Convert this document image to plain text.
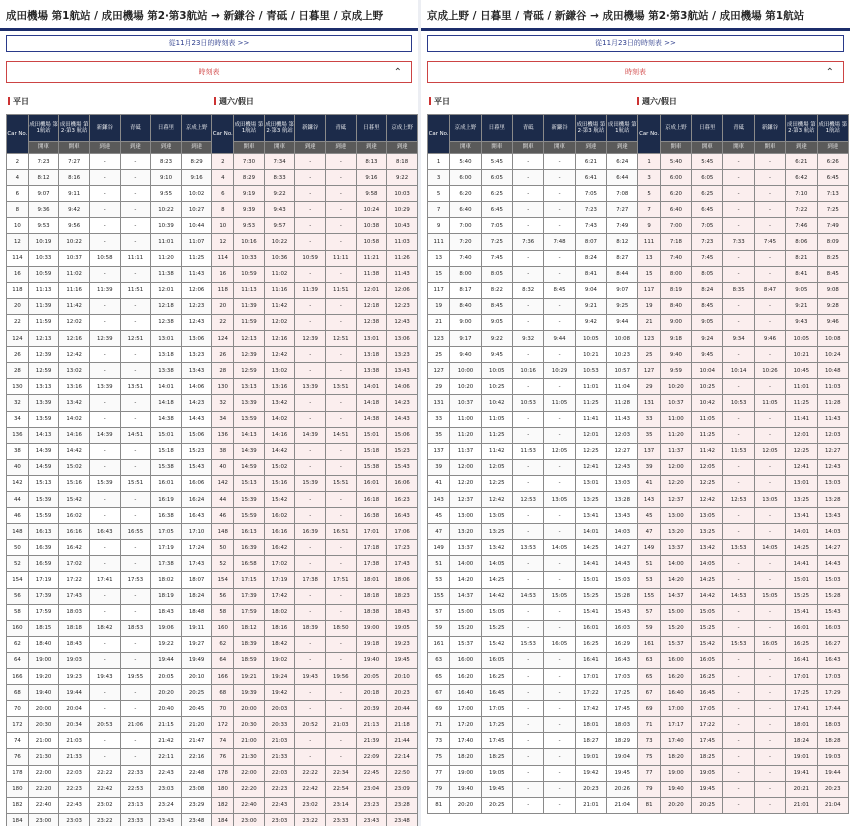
成田機場 第1航站 / 成田機場 第2‧第3航站 → 新鎌谷 / 青砥 / 日暮里 / 京成上野
從11月23日的時刻表 >>
時刻表	⌃
平日	週六/假日
Car No.	成田機場 第1航站	成田機場 第2‧第3 航站	新鎌谷	青砥	日暮里	京成上野	Car No.	成田機場 第1航站	成田機場 第2‧第3 航站	新鎌谷	青砥	日暮里	京成上野
	開車	開車	到達	到達	到達	到達		開車	開車	到達	到達	到達	到達
2	7:23	7:27	-	-	8:23	8:29	2	7:30	7:34	-	-	8:13	8:18
4	8:12	8:16	-	-	9:10	9:16	4	8:29	8:33	-	-	9:16	9:22
6	9:07	9:11	-	-	9:55	10:02	6	9:19	9:22	-	-	9:58	10:03
8	9:36	9:42	-	-	10:22	10:27	8	9:39	9:43	-	-	10:24	10:29
10	9:53	9:56	-	-	10:39	10:44	10	9:53	9:57	-	-	10:38	10:43
12	10:19	10:22	-	-	11:01	11:07	12	10:16	10:22	-	-	10:58	11:03
114	10:33	10:37	10:58	11:11	11:20	11:25	114	10:33	10:36	10:59	11:11	11:21	11:26
16	10:59	11:02	-	-	11:38	11:43	16	10:59	11:02	-	-	11:38	11:43
118	11:13	11:16	11:39	11:51	12:01	12:06	118	11:13	11:16	11:39	11:51	12:01	12:06
20	11:39	11:42	-	-	12:18	12:23	20	11:39	11:42	-	-	12:18	12:23
22	11:59	12:02	-	-	12:38	12:43	22	11:59	12:02	-	-	12:38	12:43
124	12:13	12:16	12:39	12:51	13:01	13:06	124	12:13	12:16	12:39	12:51	13:01	13:06
26	12:39	12:42	-	-	13:18	13:23	26	12:39	12:42	-	-	13:18	13:23
28	12:59	13:02	-	-	13:38	13:43	28	12:59	13:02	-	-	13:38	13:43
130	13:13	13:16	13:39	13:51	14:01	14:06	130	13:13	13:16	13:39	13:51	14:01	14:06
32	13:39	13:42	-	-	14:18	14:23	32	13:39	13:42	-	-	14:18	14:23
34	13:59	14:02	-	-	14:38	14:43	34	13:59	14:02	-	-	14:38	14:43
136	14:13	14:16	14:39	14:51	15:01	15:06	136	14:13	14:16	14:39	14:51	15:01	15:06
38	14:39	14:42	-	-	15:18	15:23	38	14:39	14:42	-	-	15:18	15:23
40	14:59	15:02	-	-	15:38	15:43	40	14:59	15:02	-	-	15:38	15:43
142	15:13	15:16	15:39	15:51	16:01	16:06	142	15:13	15:16	15:39	15:51	16:01	16:06
44	15:39	15:42	-	-	16:19	16:24	44	15:39	15:42	-	-	16:18	16:23
46	15:59	16:02	-	-	16:38	16:43	46	15:59	16:02	-	-	16:38	16:43
148	16:13	16:16	16:43	16:55	17:05	17:10	148	16:13	16:16	16:39	16:51	17:01	17:06
50	16:39	16:42	-	-	17:19	17:24	50	16:39	16:42	-	-	17:18	17:23
52	16:59	17:02	-	-	17:38	17:43	52	16:58	17:02	-	-	17:38	17:43
154	17:19	17:22	17:41	17:53	18:02	18:07	154	17:15	17:19	17:38	17:51	18:01	18:06
56	17:39	17:43	-	-	18:19	18:24	56	17:39	17:42	-	-	18:18	18:23
58	17:59	18:03	-	-	18:43	18:48	58	17:59	18:02	-	-	18:38	18:43
160	18:15	18:18	18:42	18:53	19:06	19:11	160	18:12	18:16	18:39	18:50	19:00	19:05
62	18:40	18:43	-	-	19:22	19:27	62	18:39	18:42	-	-	19:18	19:23
64	19:00	19:03	-	-	19:44	19:49	64	18:59	19:02	-	-	19:40	19:45
166	19:20	19:23	19:43	19:55	20:05	20:10	166	19:21	19:24	19:43	19:56	20:05	20:10
68	19:40	19:44	-	-	20:20	20:25	68	19:39	19:42	-	-	20:18	20:23
70	20:00	20:04	-	-	20:40	20:45	70	20:00	20:03	-	-	20:39	20:44
172	20:30	20:34	20:53	21:06	21:15	21:20	172	20:30	20:33	20:52	21:03	21:13	21:18
74	21:00	21:03	-	-	21:42	21:47	74	21:00	21:03	-	-	21:39	21:44
76	21:30	21:33	-	-	22:11	22:16	76	21:30	21:33	-	-	22:09	22:14
178	22:00	22:03	22:22	22:33	22:43	22:48	178	22:00	22:03	22:22	22:34	22:45	22:50
180	22:20	22:23	22:42	22:53	23:03	23:08	180	22:20	22:23	22:42	22:54	23:04	23:09
182	22:40	22:43	23:02	23:13	23:24	23:29	182	22:40	22:43	23:02	23:14	23:23	23:28
184	23:00	23:03	23:22	23:33	23:43	23:48	184	23:00	23:03	23:22	23:33	23:43	23:48
京成上野 / 日暮里 / 青砥 / 新鎌谷 → 成田機場 第2‧第3航站 / 成田機場 第1航站
從11月23日的時刻表 >>
時刻表	⌃
平日	週六/假日
Car No.	京成上野	日暮里	青砥	新鎌谷	成田機場 第2‧第3 航站	成田機場 第1航站	Car No.	京成上野	日暮里	青砥	新鎌谷	成田機場 第2‧第3 航站	成田機場 第1航站
	開車	開車	開車	開車	到達	到達		開車	開車	開車	開車	到達	到達
1	5:40	5:45	-	-	6:21	6:24	1	5:40	5:45	-	-	6:21	6:26
3	6:00	6:05	-	-	6:41	6:44	3	6:00	6:05	-	-	6:42	6:45
5	6:20	6:25	-	-	7:05	7:08	5	6:20	6:25	-	-	7:10	7:13
7	6:40	6:45	-	-	7:23	7:27	7	6:40	6:45	-	-	7:22	7:25
9	7:00	7:05	-	-	7:43	7:49	9	7:00	7:05	-	-	7:46	7:49
111	7:20	7:25	7:36	7:48	8:07	8:12	111	7:18	7:23	7:33	7:45	8:06	8:09
13	7:40	7:45	-	-	8:24	8:27	13	7:40	7:45	-	-	8:21	8:25
15	8:00	8:05	-	-	8:41	8:44	15	8:00	8:05	-	-	8:41	8:45
117	8:17	8:22	8:32	8:45	9:04	9:07	117	8:19	8:24	8:35	8:47	9:05	9:08
19	8:40	8:45	-	-	9:21	9:25	19	8:40	8:45	-	-	9:21	9:28
21	9:00	9:05	-	-	9:42	9:44	21	9:00	9:05	-	-	9:43	9:46
123	9:17	9:22	9:32	9:44	10:05	10:08	123	9:18	9:24	9:34	9:46	10:05	10:08
25	9:40	9:45	-	-	10:21	10:23	25	9:40	9:45	-	-	10:21	10:24
127	10:00	10:05	10:16	10:29	10:53	10:57	127	9:59	10:04	10:14	10:26	10:45	10:48
29	10:20	10:25	-	-	11:01	11:04	29	10:20	10:25	-	-	11:01	11:03
131	10:37	10:42	10:53	11:05	11:25	11:28	131	10:37	10:42	10:53	11:05	11:25	11:28
33	11:00	11:05	-	-	11:41	11:43	33	11:00	11:05	-	-	11:41	11:43
35	11:20	11:25	-	-	12:01	12:03	35	11:20	11:25	-	-	12:01	12:03
137	11:37	11:42	11:53	12:05	12:25	12:27	137	11:37	11:42	11:53	12:05	12:25	12:27
39	12:00	12:05	-	-	12:41	12:43	39	12:00	12:05	-	-	12:41	12:43
41	12:20	12:25	-	-	13:01	13:03	41	12:20	12:25	-	-	13:01	13:03
143	12:37	12:42	12:53	13:05	13:25	13:28	143	12:37	12:42	12:53	13:05	13:25	13:28
45	13:00	13:05	-	-	13:41	13:43	45	13:00	13:05	-	-	13:41	13:43
47	13:20	13:25	-	-	14:01	14:03	47	13:20	13:25	-	-	14:01	14:03
149	13:37	13:42	13:53	14:05	14:25	14:27	149	13:37	13:42	13:53	14:05	14:25	14:27
51	14:00	14:05	-	-	14:41	14:43	51	14:00	14:05	-	-	14:41	14:43
53	14:20	14:25	-	-	15:01	15:03	53	14:20	14:25	-	-	15:01	15:03
155	14:37	14:42	14:53	15:05	15:25	15:28	155	14:37	14:42	14:53	15:05	15:25	15:28
57	15:00	15:05	-	-	15:41	15:43	57	15:00	15:05	-	-	15:41	15:43
59	15:20	15:25	-	-	16:01	16:03	59	15:20	15:25	-	-	16:01	16:03
161	15:37	15:42	15:53	16:05	16:25	16:29	161	15:37	15:42	15:53	16:05	16:25	16:27
63	16:00	16:05	-	-	16:41	16:43	63	16:00	16:05	-	-	16:41	16:43
65	16:20	16:25	-	-	17:01	17:03	65	16:20	16:25	-	-	17:01	17:03
67	16:40	16:45	-	-	17:22	17:25	67	16:40	16:45	-	-	17:25	17:29
69	17:00	17:05	-	-	17:42	17:45	69	17:00	17:05	-	-	17:41	17:44
71	17:20	17:25	-	-	18:01	18:03	71	17:17	17:22	-	-	18:01	18:03
73	17:40	17:45	-	-	18:27	18:29	73	17:40	17:45	-	-	18:24	18:28
75	18:20	18:25	-	-	19:01	19:04	75	18:20	18:25	-	-	19:01	19:03
77	19:00	19:05	-	-	19:42	19:45	77	19:00	19:05	-	-	19:41	19:44
79	19:40	19:45	-	-	20:23	20:26	79	19:40	19:45	-	-	20:21	20:23
81	20:20	20:25	-	-	21:01	21:04	81	20:20	20:25	-	-	21:01	21:04
